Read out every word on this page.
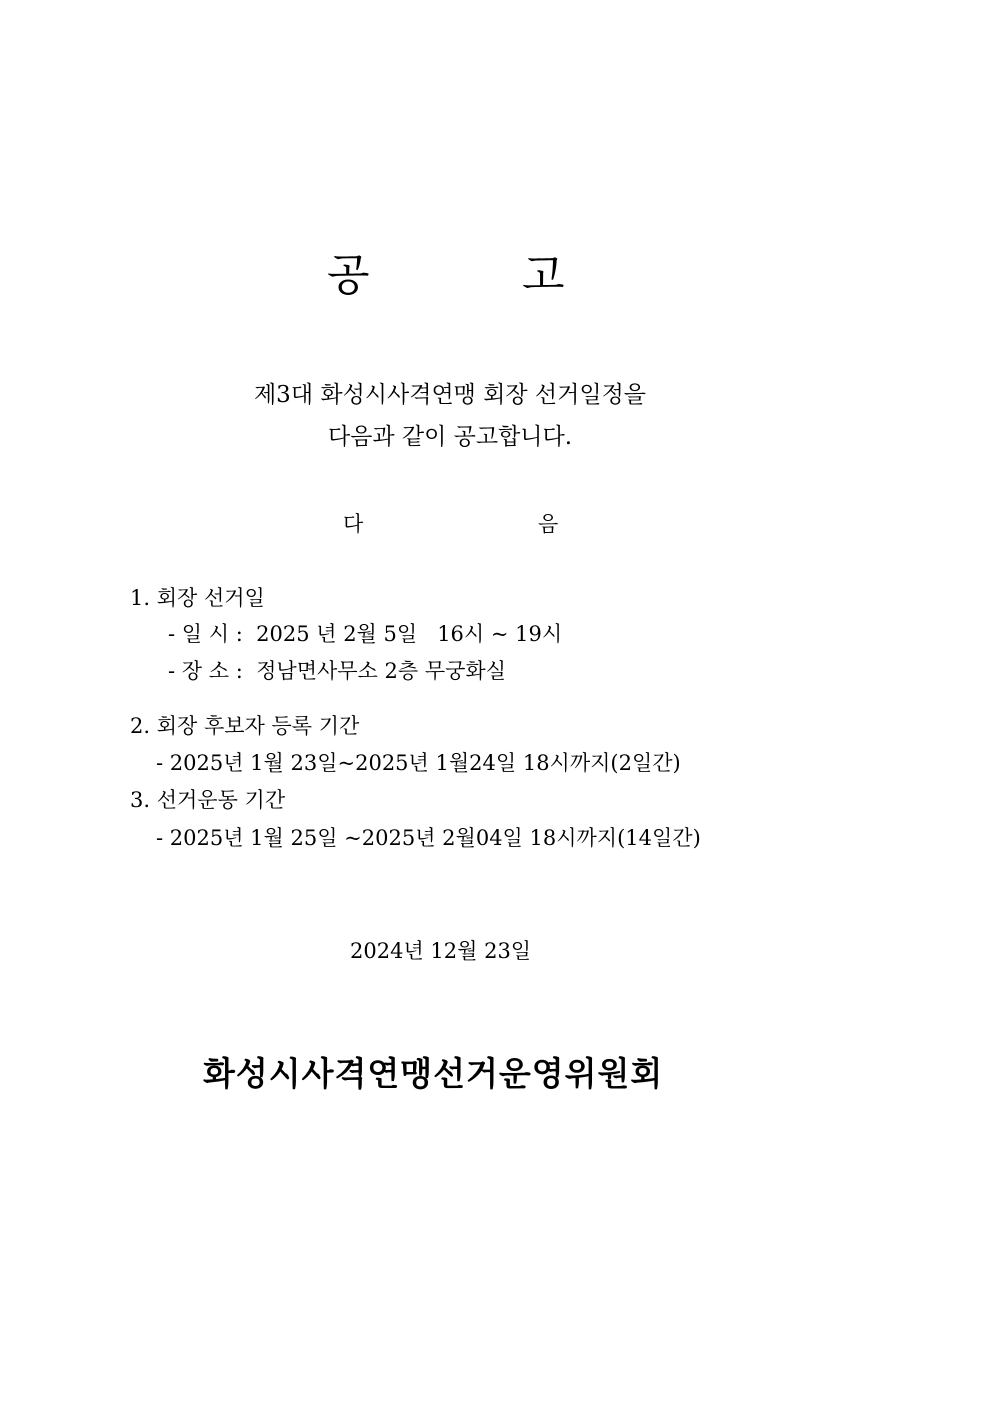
공	고
제3대 화성시사격연맹 회장 선거일정을
다음과 같이 공고합니다.
다	음
1. 회장 선거일
- 일 시 :  2025 년 2월 5일   16시 ~ 19시
- 장 소 :  정남면사무소 2층 무궁화실
2. 회장 후보자 등록 기간
- 2025년 1월 23일~2025년 1월24일 18시까지(2일간)
3. 선거운동 기간
- 2025년 1월 25일 ~2025년 2월04일 18시까지(14일간)
2024년 12월 23일
화성시사격연맹선거운영위원회
